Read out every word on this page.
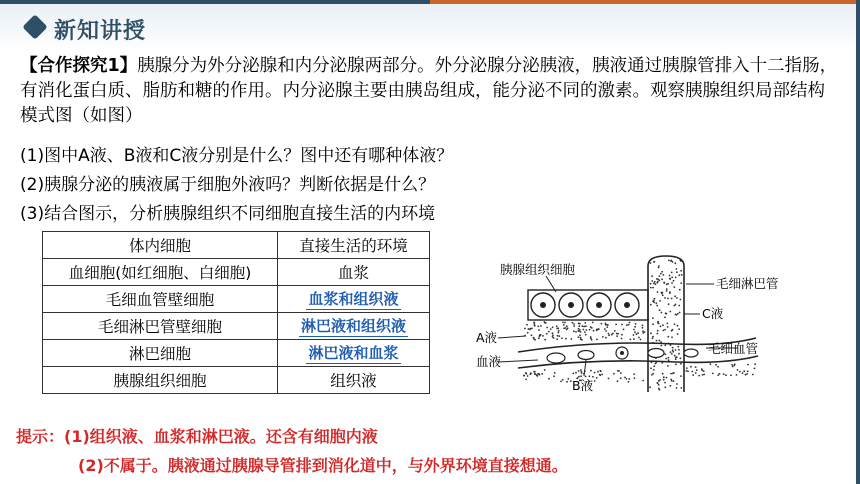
新知讲授
【合作探究1】胰腺分为外分泌腺和内分泌腺两部分。外分泌腺分泌胰液，胰液通过胰腺管排入十二指肠，有消化蛋白质、脂肪和糖的作用。内分泌腺主要由胰岛组成，能分泌不同的激素。观察胰腺组织局部结构模式图（如图）
(1)图中A液、B液和C液分别是什么？图中还有哪种体液？
(2)胰腺分泌的胰液属于细胞外液吗？判断依据是什么？
(3)结合图示，分析胰腺组织不同细胞直接生活的内环境
体内细胞	直接生活的环境
血细胞(如红细胞、白细胞)	血浆
毛细血管壁细胞	血浆和组织液
毛细淋巴管壁细胞	淋巴液和组织液
淋巴细胞	淋巴液和血浆
胰腺组织细胞	组织液
胰腺组织细胞
毛细淋巴管
C液
A液
血液
B液
毛细血管
提示：(1)组织液、血浆和淋巴液。还含有细胞内液
(2)不属于。胰液通过胰腺导管排到消化道中，与外界环境直接想通。
